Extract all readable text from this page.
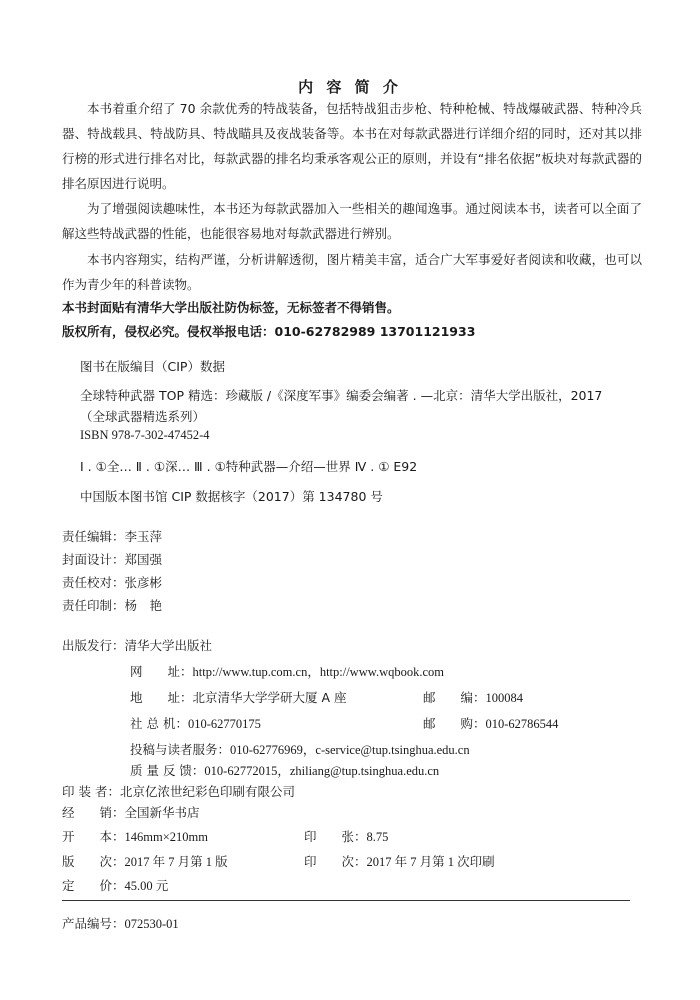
内 容 简 介

本书着重介绍了 70 余款优秀的特战装备，包括特战狙击步枪、特种枪械、特战爆破武器、特种冷兵器、特战载具、特战防具、特战瞄具及夜战装备等。本书在对每款武器进行详细介绍的同时，还对其以排行榜的形式进行排名对比，每款武器的排名均秉承客观公正的原则，并设有“排名依据”板块对每款武器的排名原因进行说明。

为了增强阅读趣味性，本书还为每款武器加入一些相关的趣闻逸事。通过阅读本书，读者可以全面了解这些特战武器的性能，也能很容易地对每款武器进行辨别。

本书内容翔实，结构严谨，分析讲解透彻，图片精美丰富，适合广大军事爱好者阅读和收藏，也可以作为青少年的科普读物。

本书封面贴有清华大学出版社防伪标签，无标签者不得销售。
版权所有，侵权必究。侵权举报电话：010-62782989 13701121933
图书在版编目（CIP）数据
全球特种武器 TOP 精选：珍藏版 /《深度军事》编委会编著 . —北京：清华大学出版社，2017
（全球武器精选系列）
ISBN 978-7-302-47452-4
Ⅰ . ①全… Ⅱ . ①深… Ⅲ . ①特种武器—介绍—世界 Ⅳ . ① E92
中国版本图书馆 CIP 数据核字（2017）第 134780 号
责任编辑：李玉萍
封面设计：郑国强
责任校对：张彦彬
责任印制：杨　艳
出版发行：清华大学出版社
网　　址：http://www.tup.com.cn，http://www.wqbook.com
地　　址：北京清华大学学研大厦 A 座	邮　　编：100084
社 总 机：010-62770175	邮　　购：010-62786544
投稿与读者服务：010-62776969，c-service@tup.tsinghua.edu.cn
质 量 反 馈：010-62772015，zhiliang@tup.tsinghua.edu.cn
印 装 者：北京亿浓世纪彩色印刷有限公司
经　　销：全国新华书店
开　　本：146mm×210mm	印　　张：8.75
版　　次：2017 年 7 月第 1 版	印　　次：2017 年 7 月第 1 次印刷
定　　价：45.00 元
产品编号：072530-01
